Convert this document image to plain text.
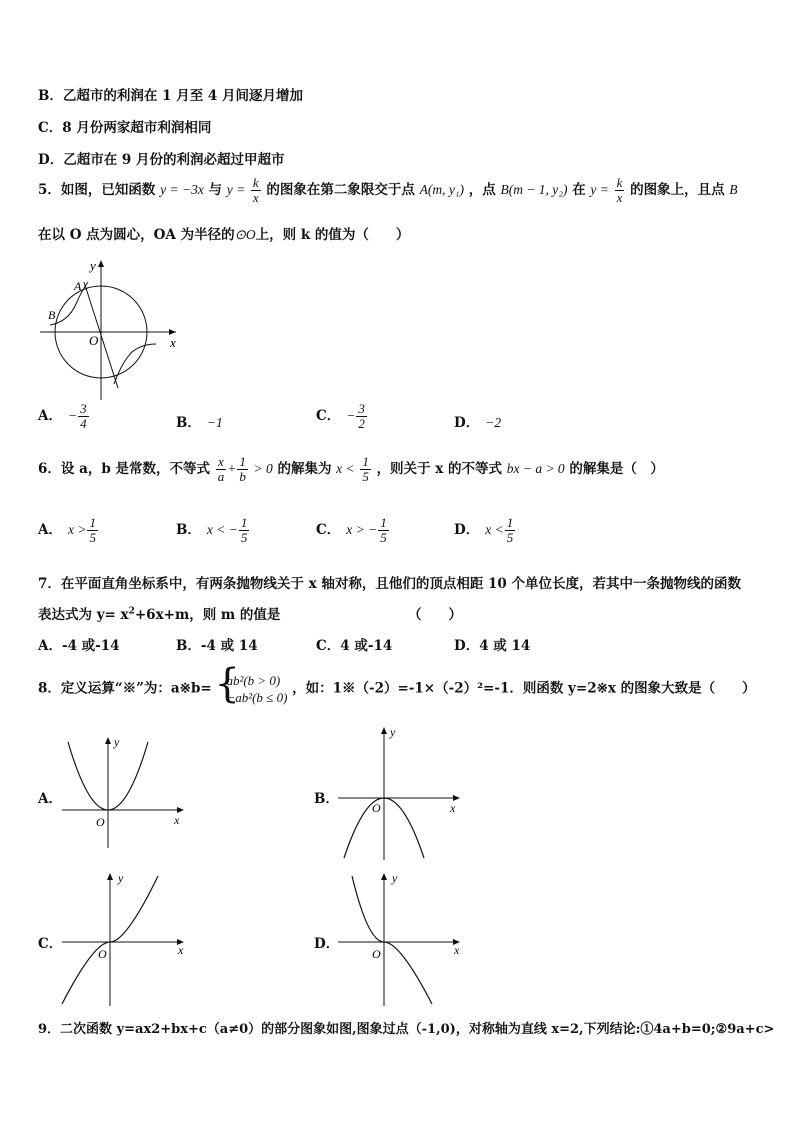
B．乙超市的利润在 1 月至 4 月间逐月增加
C．8 月份两家超市利润相同
D．乙超市在 9 月份的利润必超过甲超市
5．如图，已知函数 y = −3x 与 $y = \frac{k}{x}$ 的图象在第二象限交于点 A(m, y₁) ，点 B(m − 1, y₂) 在 $y = \frac{k}{x}$ 的图象上，且点 B
在以 O 点为圆心，OA 为半径的⊙O上，则 k 的值为（　　）
y
x
O
A
B
A． − $\frac{3}{4}$	B． −1	C． − $\frac{3}{2}$	D． −2
6．设 a，b 是常数，不等式 $\frac{x}{a} + \frac{1}{b} > 0$ 的解集为 $x < \frac{1}{5}$ ，则关于 x 的不等式 bx − a > 0 的解集是（　）
A． $x > \frac{1}{5}$	B． x < − $\frac{1}{5}$	C． x > − $\frac{1}{5}$	D． $x < \frac{1}{5}$
7．在平面直角坐标系中，有两条抛物线关于 x 轴对称，且他们的顶点相距 10 个单位长度，若其中一条抛物线的函数
表达式为 $y= x^2+6x+m$，则 m 的值是	（　　）
A．-4 或-14	B．-4 或 14	C．4 或-14	D．4 或 14
8．定义运算“※”为：a※b=
{ ab²(b > 0)
−ab²(b ≤ 0)
，如：1※（-2）=-1×（-2）²=-1．则函数 y=2※x 的图象大致是（　　）
A．
y
x
O
B．
y
x
O
C．
y
x
O
D．
y
x
O
9．二次函数 y=ax2+bx+c（a≠0）的部分图象如图,图象过点（-1,0)，对称轴为直线 x=2,下列结论:①4a+b=0;②9a+c>
